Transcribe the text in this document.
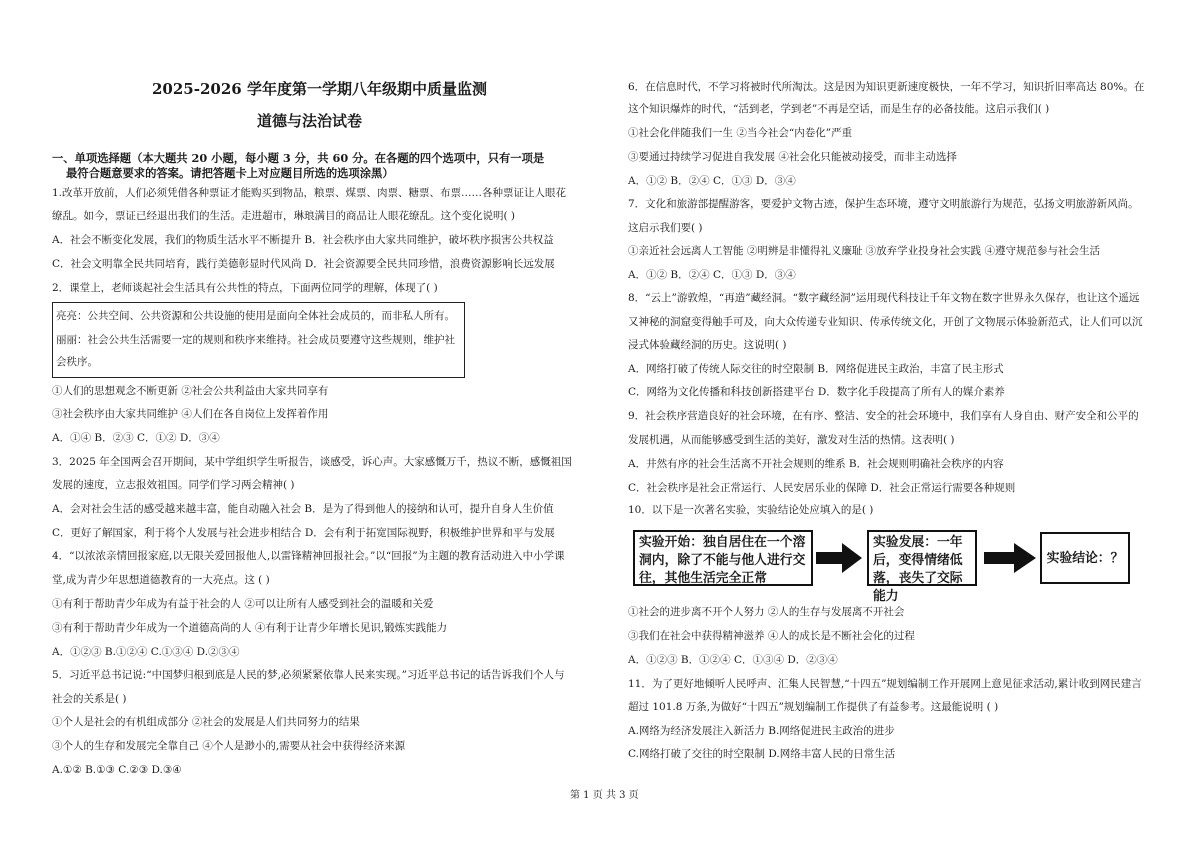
2025-2026 学年度第一学期八年级期中质量监测
道德与法治试卷
一、单项选择题（本大题共 20 小题，每小题 3 分，共 60 分。在各题的四个选项中，只有一项是
最符合题意要求的答案。请把答题卡上对应题目所选的选项涂黑）
1.改革开放前，人们必须凭借各种票证才能购买到物品，粮票、煤票、肉票、糖票、布票……各种票证让人眼花
缭乱。如今，票证已经退出我们的生活。走进超市，琳琅满目的商品让人眼花缭乱。这个变化说明( )
A．社会不断变化发展，我们的物质生活水平不断提升 B．社会秩序由大家共同维护，破坏秩序损害公共权益
C．社会文明靠全民共同培育，践行美德彰显时代风尚 D．社会资源要全民共同珍惜，浪费资源影响长远发展
2．课堂上，老师谈起社会生活具有公共性的特点，下面两位同学的理解，体现了( )
亮亮：公共空间、公共资源和公共设施的使用是面向全体社会成员的，而非私人所有。
丽丽：社会公共生活需要一定的规则和秩序来维持。社会成员要遵守这些规则，维护社
会秩序。
①人们的思想观念不断更新 ②社会公共利益由大家共同享有
③社会秩序由大家共同维护 ④人们在各自岗位上发挥着作用
A．①④ B．②③ C．①② D．③④
3．2025 年全国两会召开期间，某中学组织学生听报告，谈感受，诉心声。大家感慨万千，热议不断，感慨祖国
发展的速度，立志报效祖国。同学们学习两会精神( )
A．会对社会生活的感受越来越丰富，能自动融入社会 B．是为了得到他人的接纳和认可，提升自身人生价值
C．更好了解国家，利于将个人发展与社会进步相结合 D．会有利于拓宽国际视野，积极维护世界和平与发展
4．“以浓浓亲情回报家庭,以无限关爱回报他人,以雷锋精神回报社会。”以“回报”为主题的教育活动进入中小学课
堂,成为青少年思想道德教育的一大亮点。这 ( )
①有利于帮助青少年成为有益于社会的人 ②可以让所有人感受到社会的温暖和关爱
③有利于帮助青少年成为一个道德高尚的人 ④有利于让青少年增长见识,锻炼实践能力
A．①②③ B.①②④ C.①③④ D.②③④
5．习近平总书记说:“中国梦归根到底是人民的梦,必须紧紧依靠人民来实现。”习近平总书记的话告诉我们个人与
社会的关系是( )
①个人是社会的有机组成部分 ②社会的发展是人们共同努力的结果
③个人的生存和发展完全靠自己 ④个人是渺小的,需要从社会中获得经济来源
A.①② B.①③ C.②③ D.③④
6．在信息时代，不学习将被时代所淘汰。这是因为知识更新速度极快，一年不学习，知识折旧率高达 80%。在
这个知识爆炸的时代，“活到老，学到老”不再是空话，而是生存的必备技能。这启示我们( )
①社会化伴随我们一生 ②当今社会“内卷化”严重
③要通过持续学习促进自我发展 ④社会化只能被动接受，而非主动选择
A．①② B．②④ C．①③ D．③④
7．文化和旅游部提醒游客，要爱护文物古迹，保护生态环境，遵守文明旅游行为规范，弘扬文明旅游新风尚。
这启示我们要( )
①亲近社会远离人工智能 ②明辨是非懂得礼义廉耻 ③放弃学业投身社会实践 ④遵守规范参与社会生活
A．①② B．②④ C．①③ D．③④
8．“云上”游敦煌，“再造”藏经洞。“数字藏经洞”运用现代科技让千年文物在数字世界永久保存，也让这个遥远
又神秘的洞窟变得触手可及，向大众传递专业知识、传承传统文化，开创了文物展示体验新范式，让人们可以沉
浸式体验藏经洞的历史。这说明( )
A．网络打破了传统人际交往的时空限制 B．网络促进民主政治，丰富了民主形式
C．网络为文化传播和科技创新搭建平台 D．数字化手段提高了所有人的媒介素养
9．社会秩序营造良好的社会环境，在有序、整洁、安全的社会环境中，我们享有人身自由、财产安全和公平的
发展机遇，从而能够感受到生活的美好，激发对生活的热情。这表明( )
A．井然有序的社会生活离不开社会规则的维系 B．社会规则明确社会秩序的内容
C．社会秩序是社会正常运行、人民安居乐业的保障 D．社会正常运行需要各种规则
10．以下是一次著名实验，实验结论处应填入的是( )
实验开始：独自居住在一个溶洞内，除了不能与他人进行交往，其他生活完全正常
实验发展：一年后，变得情绪低落，丧失了交际能力
实验结论：？
①社会的进步离不开个人努力 ②人的生存与发展离不开社会
③我们在社会中获得精神滋养 ④人的成长是不断社会化的过程
A．①②③ B．①②④ C．①③④ D．②③④
11．为了更好地倾听人民呼声、汇集人民智慧,“十四五”规划编制工作开展网上意见征求活动,累计收到网民建言
超过 101.8 万条,为做好“十四五”规划编制工作提供了有益参考。这最能说明 ( )
A.网络为经济发展注入新活力 B.网络促进民主政治的进步
C.网络打破了交往的时空限制 D.网络丰富人民的日常生活
第 1 页 共 3 页
